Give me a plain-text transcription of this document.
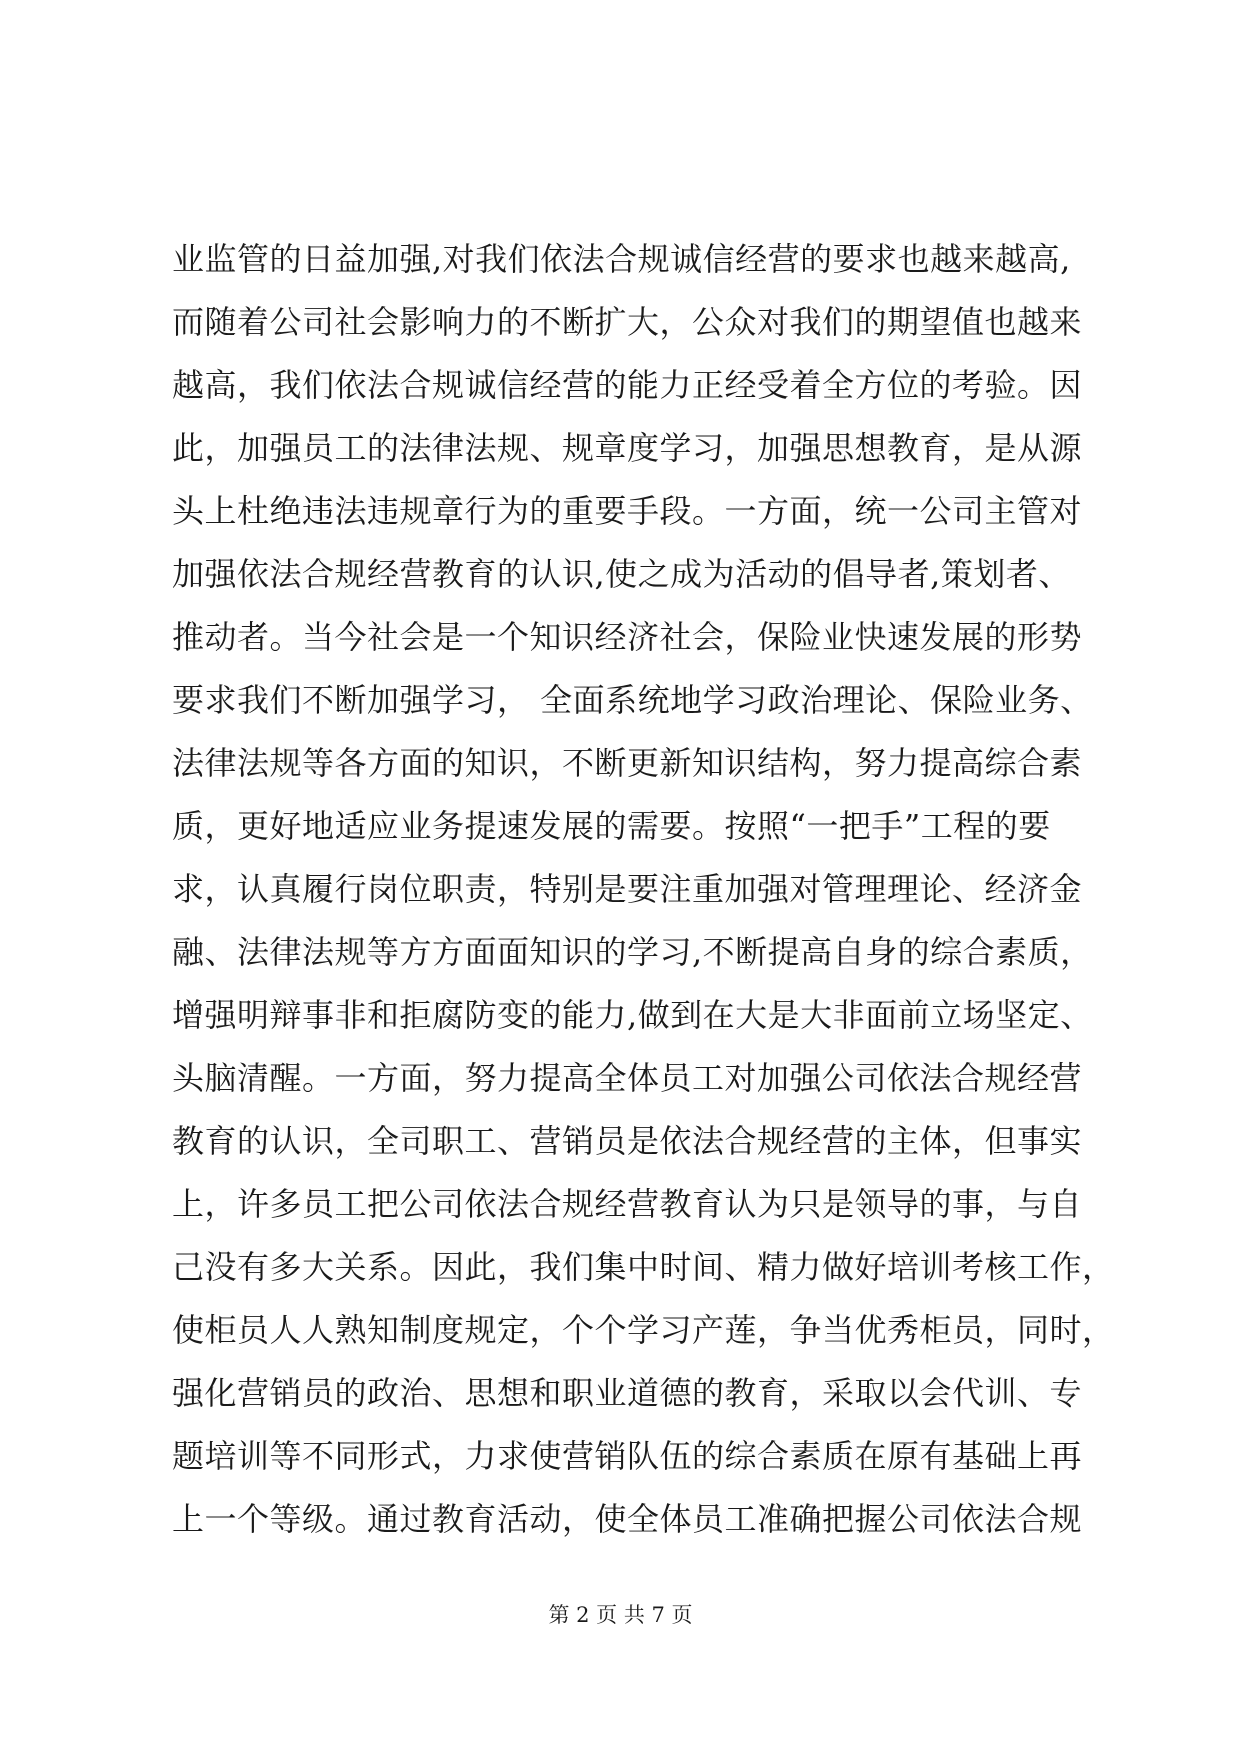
业监管的日益加强,对我们依法合规诚信经营的要求也越来越高,
而随着公司社会影响力的不断扩大，公众对我们的期望值也越来
越高，我们依法合规诚信经营的能力正经受着全方位的考验。因
此，加强员工的法律法规、规章度学习，加强思想教育，是从源
头上杜绝违法违规章行为的重要手段。一方面，统一公司主管对
加强依法合规经营教育的认识,使之成为活动的倡导者,策划者、
推动者。当今社会是一个知识经济社会，保险业快速发展的形势
要求我们不断加强学习， 全面系统地学习政治理论、保险业务、
法律法规等各方面的知识，不断更新知识结构，努力提高综合素
质，更好地适应业务提速发展的需要。按照“一把手”工程的要
求，认真履行岗位职责，特别是要注重加强对管理理论、经济金
融、法律法规等方方面面知识的学习,不断提高自身的综合素质，
增强明辩事非和拒腐防变的能力,做到在大是大非面前立场坚定、
头脑清醒。一方面，努力提高全体员工对加强公司依法合规经营
教育的认识，全司职工、营销员是依法合规经营的主体，但事实
上，许多员工把公司依法合规经营教育认为只是领导的事，与自
己没有多大关系。因此，我们集中时间、精力做好培训考核工作，
使柜员人人熟知制度规定，个个学习产莲，争当优秀柜员，同时，
强化营销员的政治、思想和职业道德的教育，采取以会代训、专
题培训等不同形式，力求使营销队伍的综合素质在原有基础上再
上一个等级。通过教育活动，使全体员工准确把握公司依法合规
第 2 页 共 7 页
